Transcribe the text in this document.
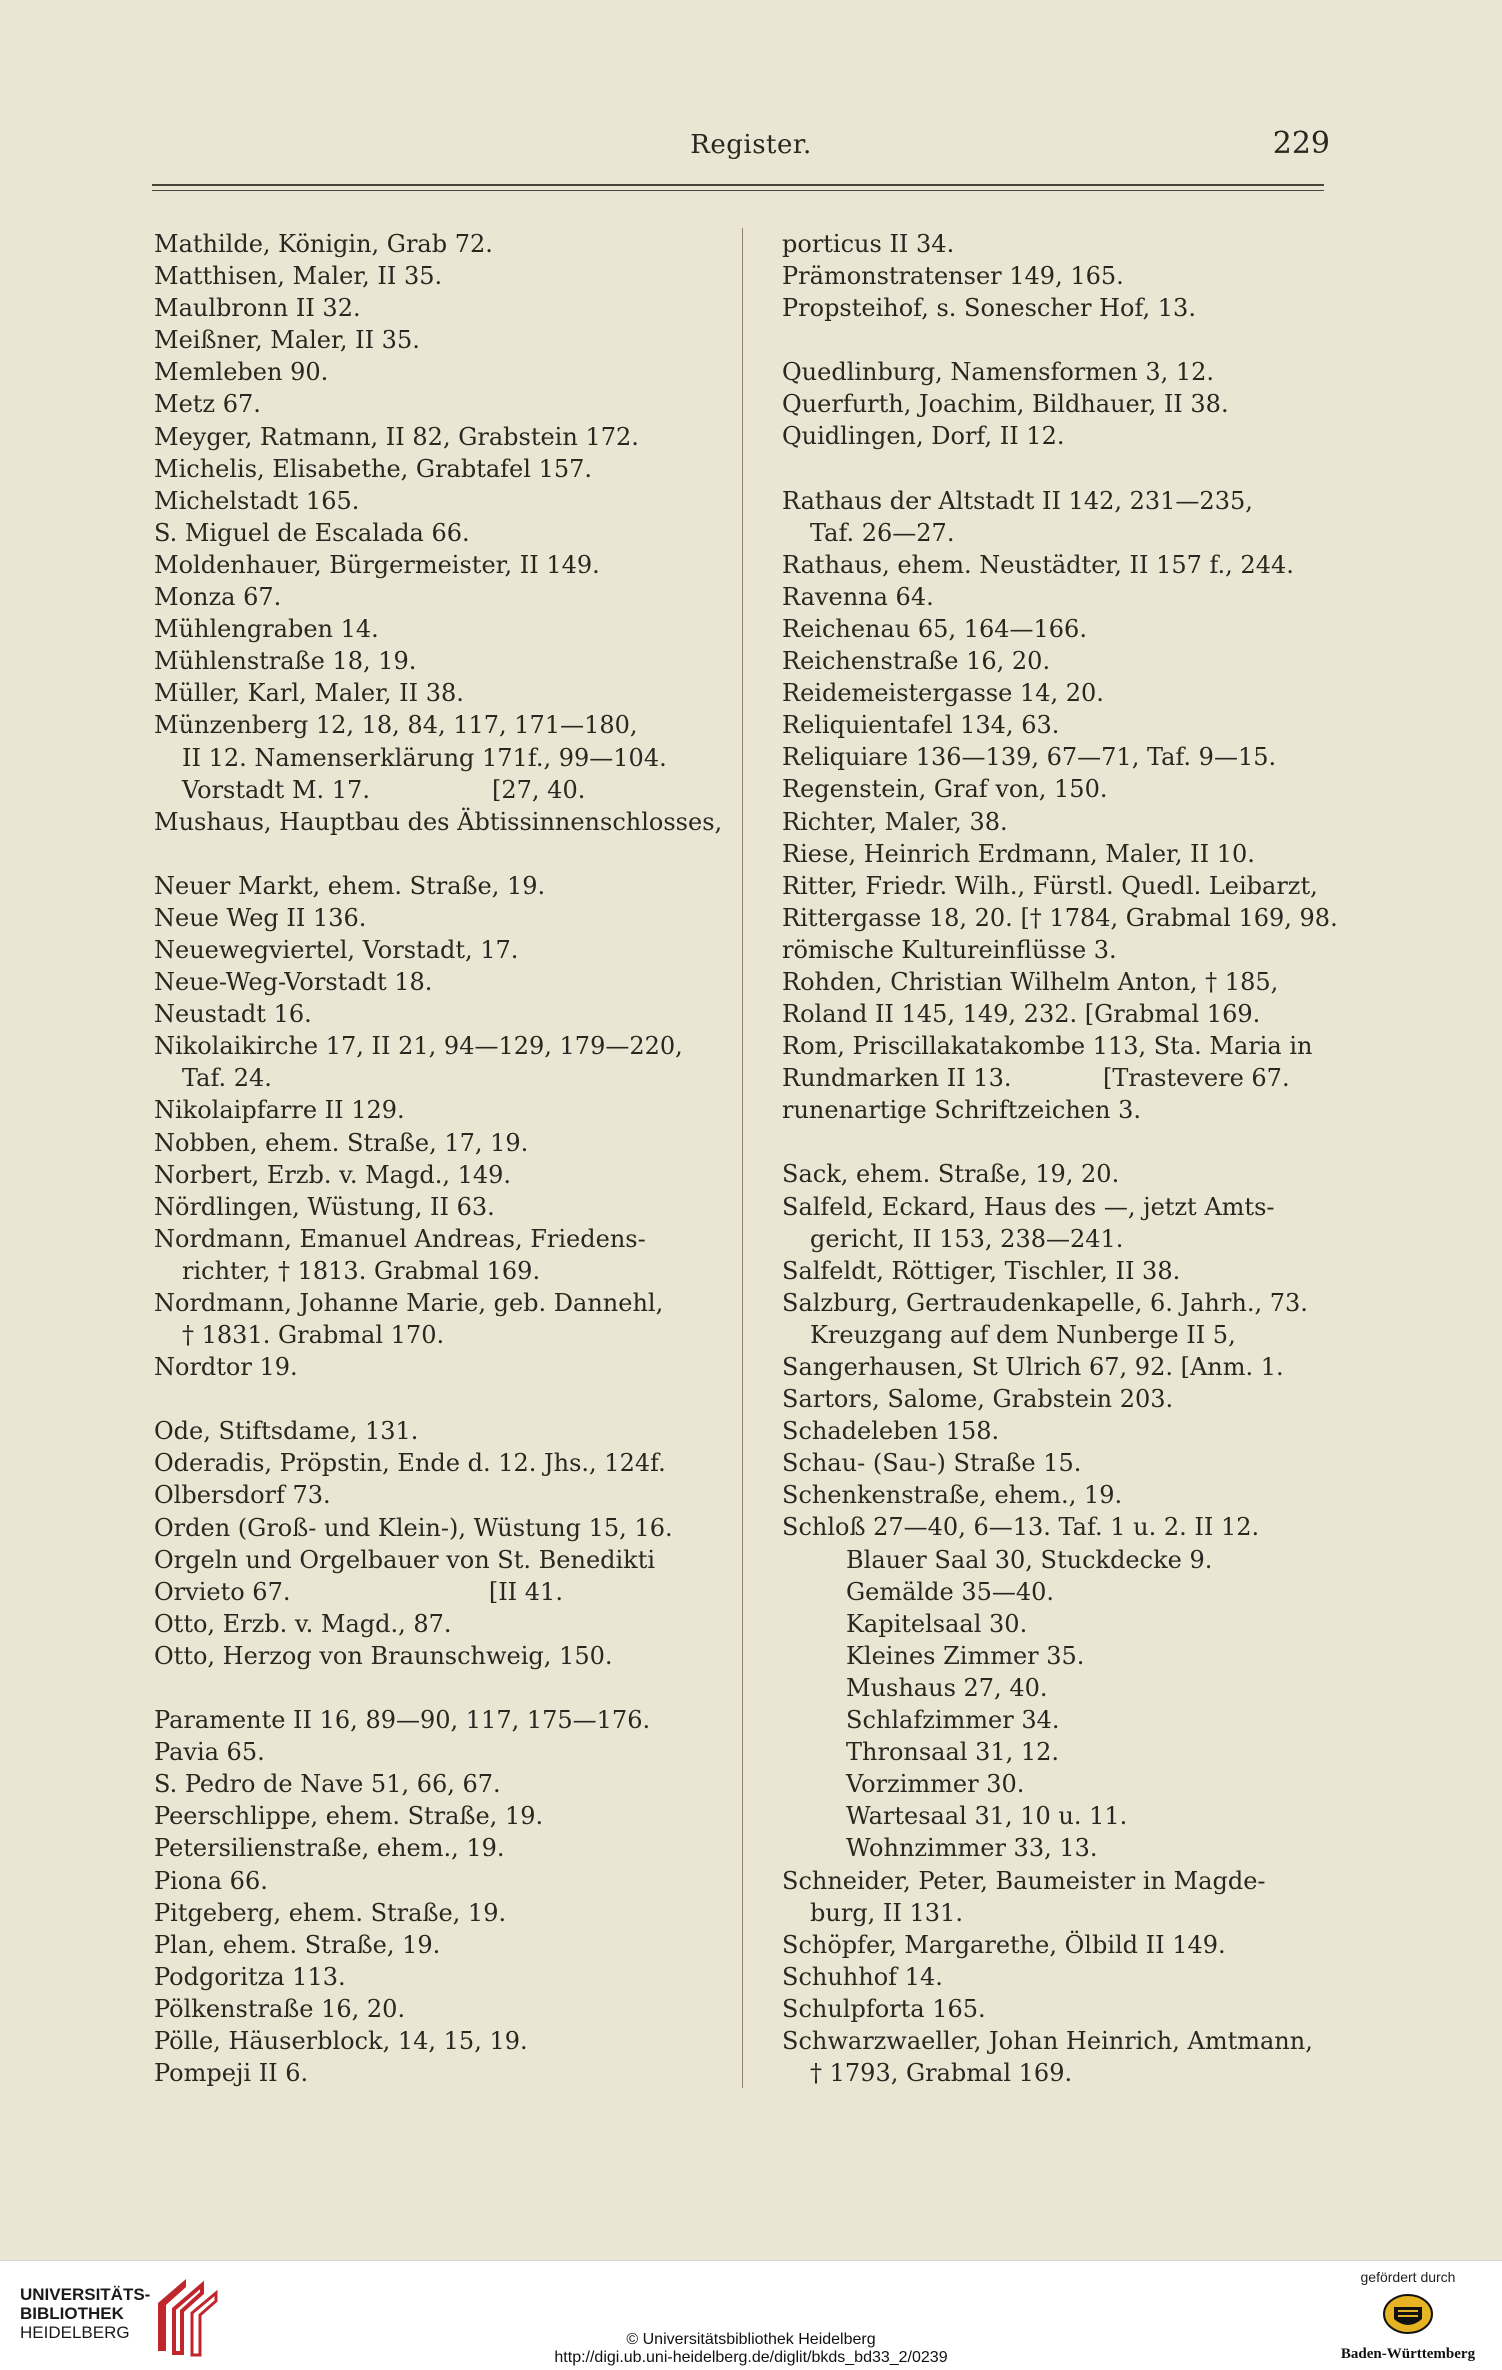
Register.	229
Mathilde, Königin, Grab 72.
Matthisen, Maler, II 35.
Maulbronn II 32.
Meißner, Maler, II 35.
Memleben 90.
Metz 67.
Meyger, Ratmann, II 82, Grabstein 172.
Michelis, Elisabethe, Grabtafel 157.
Michelstadt 165.
S. Miguel de Escalada 66.
Moldenhauer, Bürgermeister, II 149.
Monza 67.
Mühlengraben 14.
Mühlenstraße 18, 19.
Müller, Karl, Maler, II 38.
Münzenberg 12, 18, 84, 117, 171—180,
II 12. Namenserklärung 171f., 99—104.
Vorstadt M. 17.                [27, 40.
Mushaus, Hauptbau des Äbtissinnenschlosses,
Neuer Markt, ehem. Straße, 19.
Neue Weg II 136.
Neuewegviertel, Vorstadt, 17.
Neue-Weg-Vorstadt 18.
Neustadt 16.
Nikolaikirche 17, II 21, 94—129, 179—220,
Taf. 24.
Nikolaipfarre II 129.
Nobben, ehem. Straße, 17, 19.
Norbert, Erzb. v. Magd., 149.
Nördlingen, Wüstung, II 63.
Nordmann, Emanuel Andreas, Friedens-
richter, † 1813. Grabmal 169.
Nordmann, Johanne Marie, geb. Dannehl,
† 1831. Grabmal 170.
Nordtor 19.
Ode, Stiftsdame, 131.
Oderadis, Pröpstin, Ende d. 12. Jhs., 124f.
Olbersdorf 73.
Orden (Groß- und Klein-), Wüstung 15, 16.
Orgeln und Orgelbauer von St. Benedikti
Orvieto 67.                          [II 41.
Otto, Erzb. v. Magd., 87.
Otto, Herzog von Braunschweig, 150.
Paramente II 16, 89—90, 117, 175—176.
Pavia 65.
S. Pedro de Nave 51, 66, 67.
Peerschlippe, ehem. Straße, 19.
Petersilienstraße, ehem., 19.
Piona 66.
Pitgeberg, ehem. Straße, 19.
Plan, ehem. Straße, 19.
Podgoritza 113.
Pölkenstraße 16, 20.
Pölle, Häuserblock, 14, 15, 19.
Pompeji II 6.
porticus II 34.
Prämonstratenser 149, 165.
Propsteihof, s. Sonescher Hof, 13.
Quedlinburg, Namensformen 3, 12.
Querfurth, Joachim, Bildhauer, II 38.
Quidlingen, Dorf, II 12.
Rathaus der Altstadt II 142, 231—235,
Taf. 26—27.
Rathaus, ehem. Neustädter, II 157 f., 244.
Ravenna 64.
Reichenau 65, 164—166.
Reichenstraße 16, 20.
Reidemeistergasse 14, 20.
Reliquientafel 134, 63.
Reliquiare 136—139, 67—71, Taf. 9—15.
Regenstein, Graf von, 150.
Richter, Maler, 38.
Riese, Heinrich Erdmann, Maler, II 10.
Ritter, Friedr. Wilh., Fürstl. Quedl. Leibarzt,
Rittergasse 18, 20. [† 1784, Grabmal 169, 98.
römische Kultureinflüsse 3.
Rohden, Christian Wilhelm Anton, † 185,
Roland II 145, 149, 232. [Grabmal 169.
Rom, Priscillakatakombe 113, Sta. Maria in
Rundmarken II 13.            [Trastevere 67.
runenartige Schriftzeichen 3.
Sack, ehem. Straße, 19, 20.
Salfeld, Eckard, Haus des —, jetzt Amts-
gericht, II 153, 238—241.
Salfeldt, Röttiger, Tischler, II 38.
Salzburg, Gertraudenkapelle, 6. Jahrh., 73.
Kreuzgang auf dem Nunberge II 5,
Sangerhausen, St Ulrich 67, 92. [Anm. 1.
Sartors, Salome, Grabstein 203.
Schadeleben 158.
Schau- (Sau-) Straße 15.
Schenkenstraße, ehem., 19.
Schloß 27—40, 6—13. Taf. 1 u. 2. II 12.
Blauer Saal 30, Stuckdecke 9.
Gemälde 35—40.
Kapitelsaal 30.
Kleines Zimmer 35.
Mushaus 27, 40.
Schlafzimmer 34.
Thronsaal 31, 12.
Vorzimmer 30.
Wartesaal 31, 10 u. 11.
Wohnzimmer 33, 13.
Schneider, Peter, Baumeister in Magde-
burg, II 131.
Schöpfer, Margarethe, Ölbild II 149.
Schuhhof 14.
Schulpforta 165.
Schwarzwaeller, Johan Heinrich, Amtmann,
† 1793, Grabmal 169.
UNIVERSITÄTS-
BIBLIOTHEK
HEIDELBERG	© Universitätsbibliothek Heidelberg
http://digi.ub.uni-heidelberg.de/diglit/bkds_bd33_2/0239
gefördert durch
Baden-Württemberg
